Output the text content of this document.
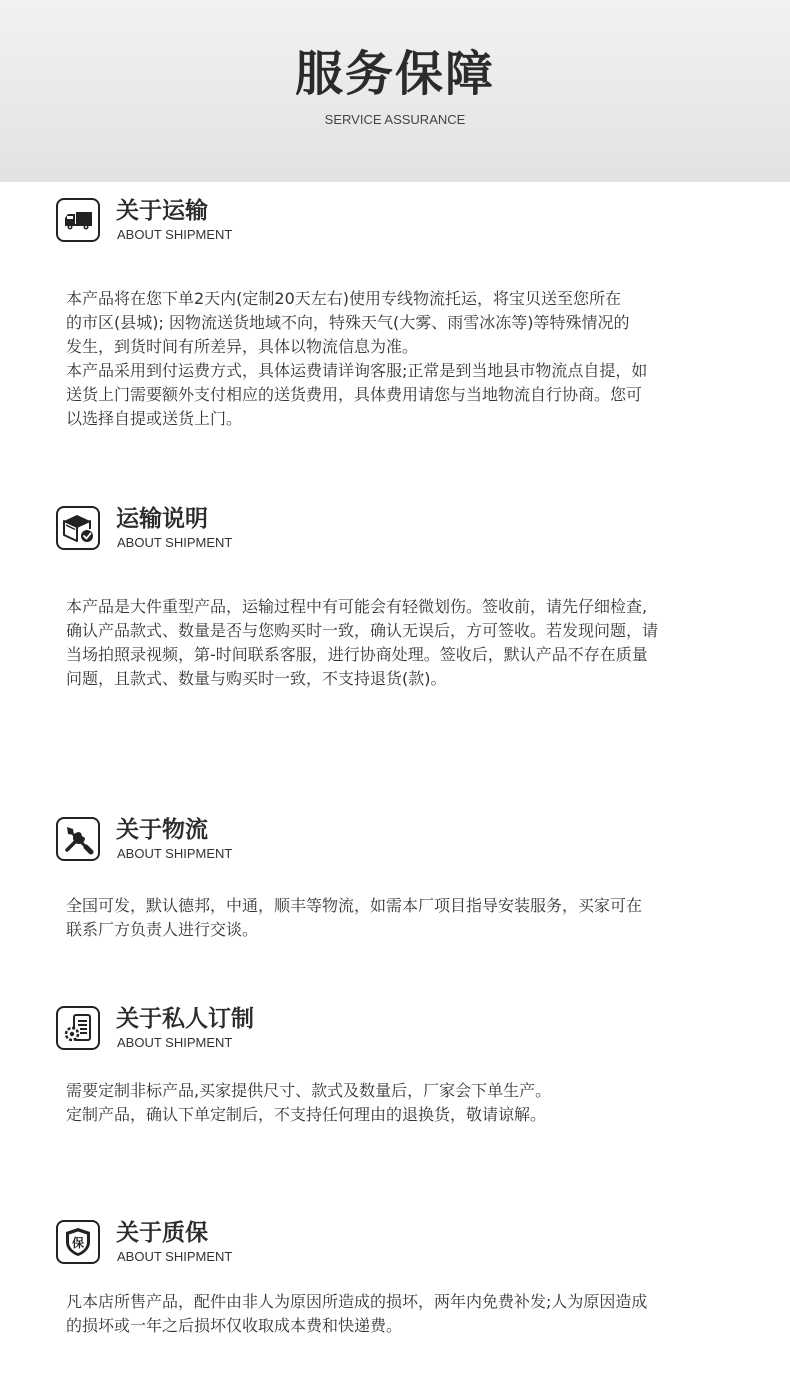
服务保障
SERVICE ASSURANCE
关于运输
ABOUT SHIPMENT

本产品将在您下单2天内(定制20天左右)使用专线物流托运，将宝贝送至您所在

的市区(县城); 因物流送货地域不向，特殊天气(大雾、雨雪冰冻等)等特殊情况的

发生，到货时间有所差异，具体以物流信息为准。

本产品采用到付运费方式，具体运费请详询客服;正常是到当地县市物流点自提，如

送货上门需要额外支付相应的送货费用，具体费用请您与当地物流自行协商。您可

以选择自提或送货上门。

运输说明
ABOUT SHIPMENT

本产品是大件重型产品，运输过程中有可能会有轻微划伤。签收前，请先仔细检查,

确认产品款式、数量是否与您购买时一致，确认无误后，方可签收。若发现问题，请

当场拍照录视频，第-时间联系客服，进行协商处理。签收后，默认产品不存在质量

问题，且款式、数量与购买时一致，不支持退货(款)。

关于物流
ABOUT SHIPMENT

全国可发，默认德邦，中通，顺丰等物流，如需本厂项目指导安装服务，买家可在

联系厂方负责人进行交谈。

关于私人订制
ABOUT SHIPMENT

需要定制非标产品,买家提供尺寸、款式及数量后，厂家会下单生产。

定制产品，确认下单定制后，不支持任何理由的退换货，敬请谅解。

保 关于质保
ABOUT SHIPMENT

凡本店所售产品，配件由非人为原因所造成的损坏，两年内免费补发;人为原因造成

的损坏或一年之后损坏仅收取成本费和快递费。
